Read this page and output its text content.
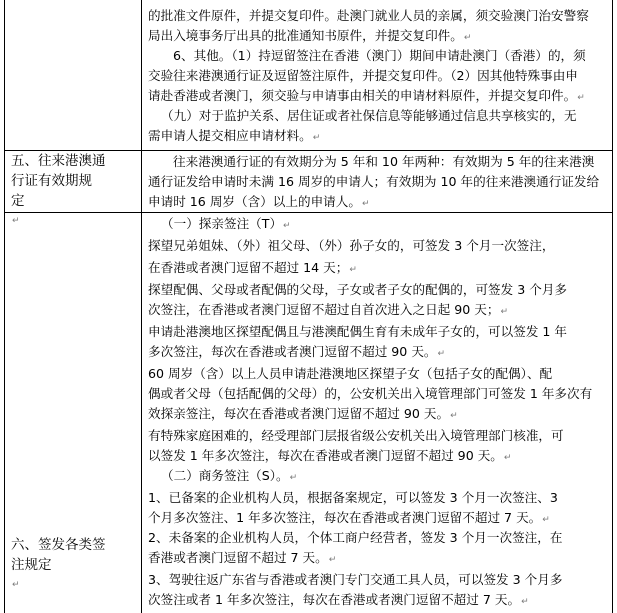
五、往来港澳通
行证有效期规
定
↵
六、签发各类签
注规定
↵
的批准文件原件，并提交复印件。赴澳门就业人员的亲属，须交验澳门治安警察
局出入境事务厅出具的批准通知书原件，并提交复印件。↵
6、其他。（1）持逗留签注在香港（澳门）期间申请赴澳门（香港）的，须
交验往来港澳通行证及逗留签注原件，并提交复印件。（2）因其他特殊事由申
请赴香港或者澳门，须交验与申请事由相关的申请材料原件，并提交复印件。↵
（九）对于监护关系、居住证或者社保信息等能够通过信息共享核实的，无
需申请人提交相应申请材料。↵
往来港澳通行证的有效期分为 5 年和 10 年两种：有效期为 5 年的往来港澳
通行证发给申请时未满 16 周岁的申请人；有效期为 10 年的往来港澳通行证发给
申请时 16 周岁（含）以上的申请人。↵
（一）探亲签注（T）↵
探望兄弟姐妹、（外）祖父母、（外）孙子女的，可签发 3 个月一次签注，
在香港或者澳门逗留不超过 14 天；↵
探望配偶、父母或者配偶的父母，子女或者子女的配偶的，可签发 3 个月多
次签注，在香港或者澳门逗留不超过自首次进入之日起 90 天；↵
申请赴港澳地区探望配偶且与港澳配偶生育有未成年子女的，可以签发 1 年
多次签注，每次在香港或者澳门逗留不超过 90 天。↵
60 周岁（含）以上人员申请赴港澳地区探望子女（包括子女的配偶）、配
偶或者父母（包括配偶的父母）的，公安机关出入境管理部门可签发 1 年多次有
效探亲签注，每次在香港或者澳门逗留不超过 90 天。↵
有特殊家庭困难的，经受理部门层报省级公安机关出入境管理部门核准，可
以签发 1 年多次签注，每次在香港或者澳门逗留不超过 90 天。↵
（二）商务签注（S）。↵
1、已备案的企业机构人员，根据备案规定，可以签发 3 个月一次签注、3
个月多次签注、1 年多次签注，每次在香港或者澳门逗留不超过 7 天。↵
2、未备案的企业机构人员，个体工商户经营者，签发 3 个月一次签注，在
香港或者澳门逗留不超过 7 天。↵
3、驾驶往返广东省与香港或者澳门专门交通工具人员，可以签发 3 个月多
次签注或者 1 年多次签注，每次在香港或者澳门逗留不超过 7 天。↵
